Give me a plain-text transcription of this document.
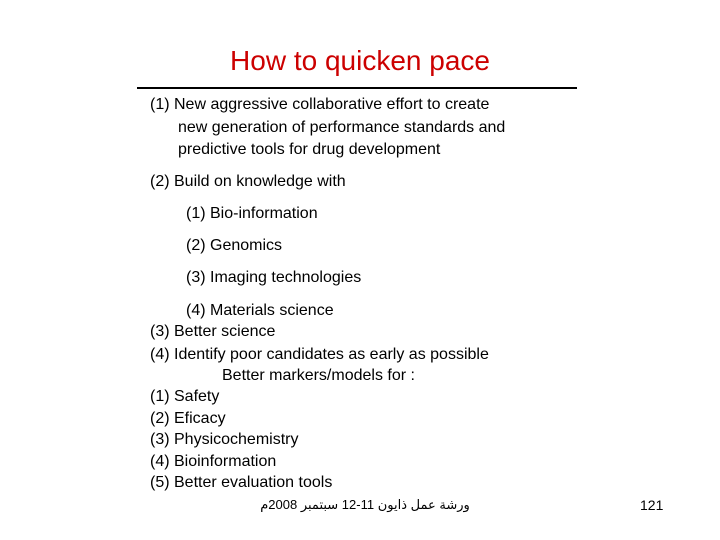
How to quicken pace
(1) New aggressive collaborative effort to create
new generation of performance standards and
predictive tools for drug development
(2) Build on knowledge with
(1) Bio-information
(2) Genomics
(3) Imaging technologies
(4) Materials science
(3) Better science
(4) Identify poor candidates as early as possible
Better markers/models for :
(1) Safety
(2) Eficacy
(3) Physicochemistry
(4) Bioinformation
(5) Better evaluation tools
ورشة عمل ذايون 11-12 سبتمبر 2008م	121
